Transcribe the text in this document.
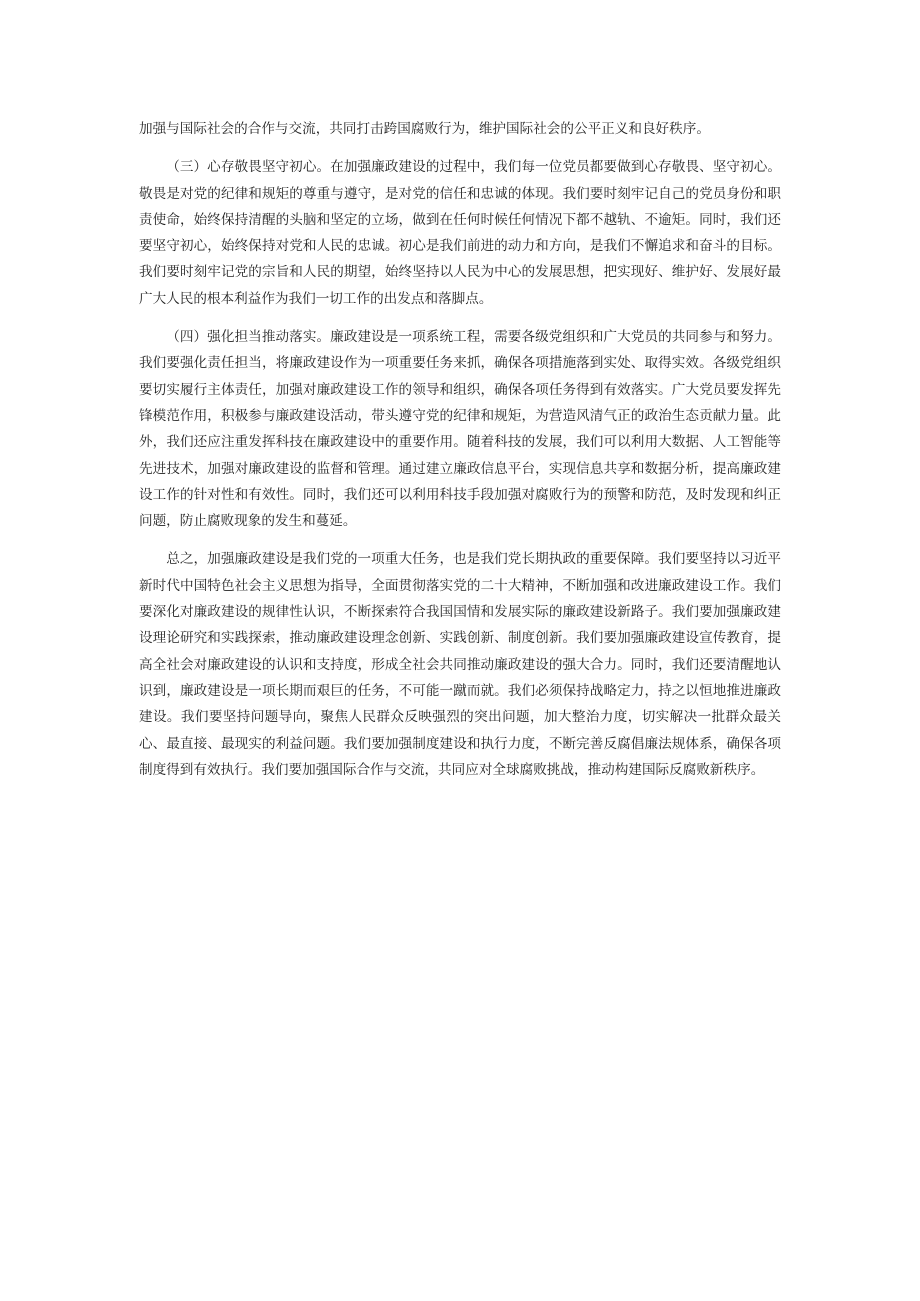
加强与国际社会的合作与交流，共同打击跨国腐败行为，维护国际社会的公平正义和良好秩序。

（三）心存敬畏坚守初心。在加强廉政建设的过程中，我们每一位党员都要做到心存敬畏、坚守初心。敬畏是对党的纪律和规矩的尊重与遵守，是对党的信任和忠诚的体现。我们要时刻牢记自己的党员身份和职责使命，始终保持清醒的头脑和坚定的立场，做到在任何时候任何情况下都不越轨、不逾矩。同时，我们还要坚守初心，始终保持对党和人民的忠诚。初心是我们前进的动力和方向，是我们不懈追求和奋斗的目标。我们要时刻牢记党的宗旨和人民的期望，始终坚持以人民为中心的发展思想，把实现好、维护好、发展好最广大人民的根本利益作为我们一切工作的出发点和落脚点。

（四）强化担当推动落实。廉政建设是一项系统工程，需要各级党组织和广大党员的共同参与和努力。我们要强化责任担当，将廉政建设作为一项重要任务来抓，确保各项措施落到实处、取得实效。各级党组织要切实履行主体责任，加强对廉政建设工作的领导和组织，确保各项任务得到有效落实。广大党员要发挥先锋模范作用，积极参与廉政建设活动，带头遵守党的纪律和规矩，为营造风清气正的政治生态贡献力量。此外，我们还应注重发挥科技在廉政建设中的重要作用。随着科技的发展，我们可以利用大数据、人工智能等先进技术，加强对廉政建设的监督和管理。通过建立廉政信息平台，实现信息共享和数据分析，提高廉政建设工作的针对性和有效性。同时，我们还可以利用科技手段加强对腐败行为的预警和防范，及时发现和纠正问题，防止腐败现象的发生和蔓延。

总之，加强廉政建设是我们党的一项重大任务，也是我们党长期执政的重要保障。我们要坚持以习近平新时代中国特色社会主义思想为指导，全面贯彻落实党的二十大精神，不断加强和改进廉政建设工作。我们要深化对廉政建设的规律性认识，不断探索符合我国国情和发展实际的廉政建设新路子。我们要加强廉政建设理论研究和实践探索，推动廉政建设理念创新、实践创新、制度创新。我们要加强廉政建设宣传教育，提高全社会对廉政建设的认识和支持度，形成全社会共同推动廉政建设的强大合力。同时，我们还要清醒地认识到，廉政建设是一项长期而艰巨的任务，不可能一蹴而就。我们必须保持战略定力，持之以恒地推进廉政建设。我们要坚持问题导向，聚焦人民群众反映强烈的突出问题，加大整治力度，切实解决一批群众最关心、最直接、最现实的利益问题。我们要加强制度建设和执行力度，不断完善反腐倡廉法规体系，确保各项制度得到有效执行。我们要加强国际合作与交流，共同应对全球腐败挑战，推动构建国际反腐败新秩序。
